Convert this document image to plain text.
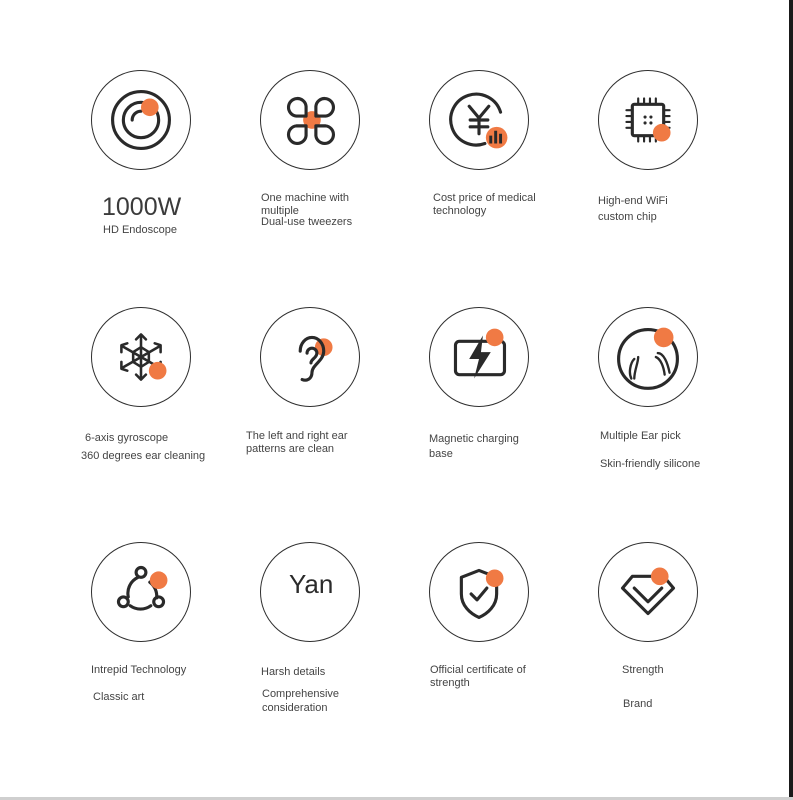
1000W
HD Endoscope
One machine with multiple
Dual-use tweezers
Cost price of medical technology
High-end WiFi
custom chip
6-axis gyroscope
360 degrees ear cleaning
The left and right ear patterns are clean
Magnetic charging base
Multiple Ear pick
Skin-friendly silicone
Intrepid Technology
Classic art
Yan
Harsh details
Comprehensive consideration
Official certificate of strength
Strength
Brand
